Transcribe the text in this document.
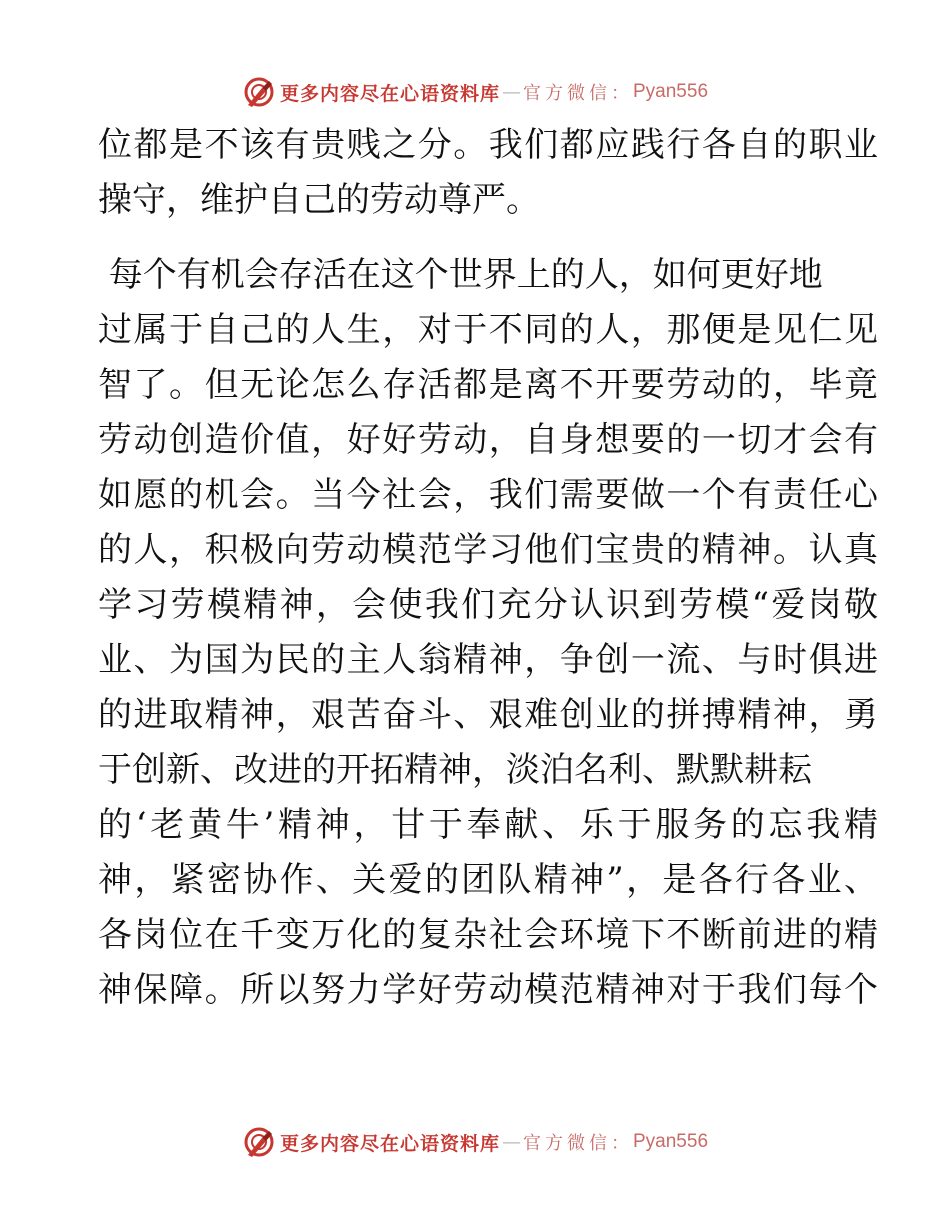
更多内容尽在心语资料库 — 官方微信： Pyan556
位都是不该有贵贱之分。我们都应践行各自的职业
操守，维护自己的劳动尊严。
每个有机会存活在这个世界上的人，如何更好地
过属于自己的人生，对于不同的人，那便是见仁见
智了。但无论怎么存活都是离不开要劳动的，毕竟
劳动创造价值，好好劳动，自身想要的一切才会有
如愿的机会。当今社会，我们需要做一个有责任心
的人，积极向劳动模范学习他们宝贵的精神。认真
学习劳模精神，会使我们充分认识到劳模“爱岗敬
业、为国为民的主人翁精神，争创一流、与时俱进
的进取精神，艰苦奋斗、艰难创业的拼搏精神，勇
于创新、改进的开拓精神，淡泊名利、默默耕耘
的‘老黄牛’精神，甘于奉献、乐于服务的忘我精
神，紧密协作、关爱的团队精神”，是各行各业、
各岗位在千变万化的复杂社会环境下不断前进的精
神保障。所以努力学好劳动模范精神对于我们每个
更多内容尽在心语资料库 — 官方微信： Pyan556
